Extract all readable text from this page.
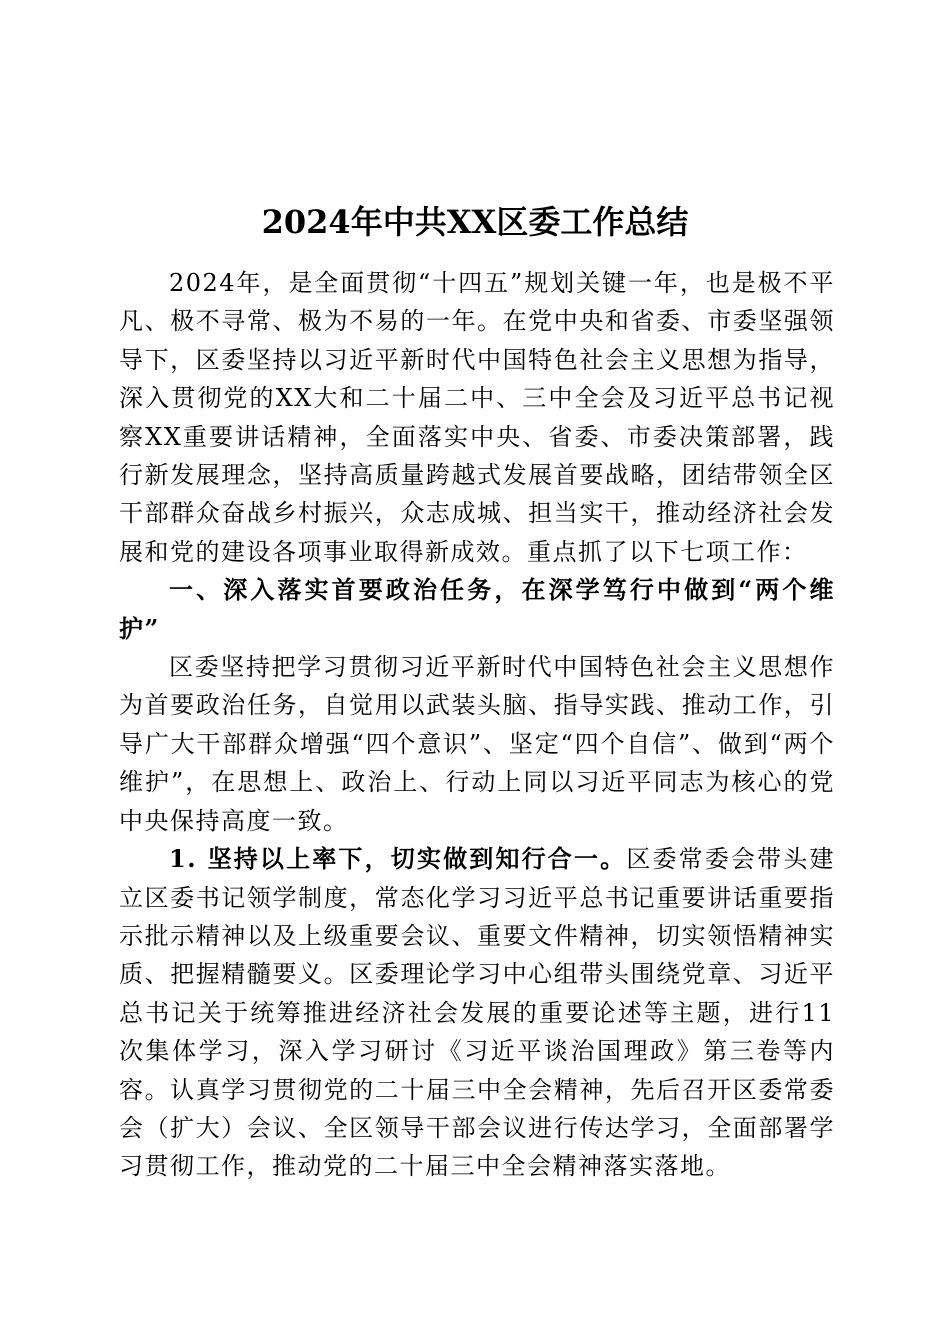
2024年中共XX区委工作总结

2024年，是全面贯彻“十四五”规划关键一年，也是极不平凡、极不寻常、极为不易的一年。在党中央和省委、市委坚强领导下，区委坚持以习近平新时代中国特色社会主义思想为指导，深入贯彻党的XX大和二十届二中、三中全会及习近平总书记视察XX重要讲话精神，全面落实中央、省委、市委决策部署，践行新发展理念，坚持高质量跨越式发展首要战略，团结带领全区干部群众奋战乡村振兴，众志成城、担当实干，推动经济社会发展和党的建设各项事业取得新成效。重点抓了以下七项工作：

一、深入落实首要政治任务，在深学笃行中做到“两个维护”

区委坚持把学习贯彻习近平新时代中国特色社会主义思想作为首要政治任务，自觉用以武装头脑、指导实践、推动工作，引导广大干部群众增强“四个意识”、坚定“四个自信”、做到“两个维护”，在思想上、政治上、行动上同以习近平同志为核心的党中央保持高度一致。

1. 坚持以上率下，切实做到知行合一。区委常委会带头建立区委书记领学制度，常态化学习习近平总书记重要讲话重要指示批示精神以及上级重要会议、重要文件精神，切实领悟精神实质、把握精髓要义。区委理论学习中心组带头围绕党章、习近平总书记关于统筹推进经济社会发展的重要论述等主题，进行11次集体学习，深入学习研讨《习近平谈治国理政》第三卷等内容。认真学习贯彻党的二十届三中全会精神，先后召开区委常委会（扩大）会议、全区领导干部会议进行传达学习，全面部署学习贯彻工作，推动党的二十届三中全会精神落实落地。
